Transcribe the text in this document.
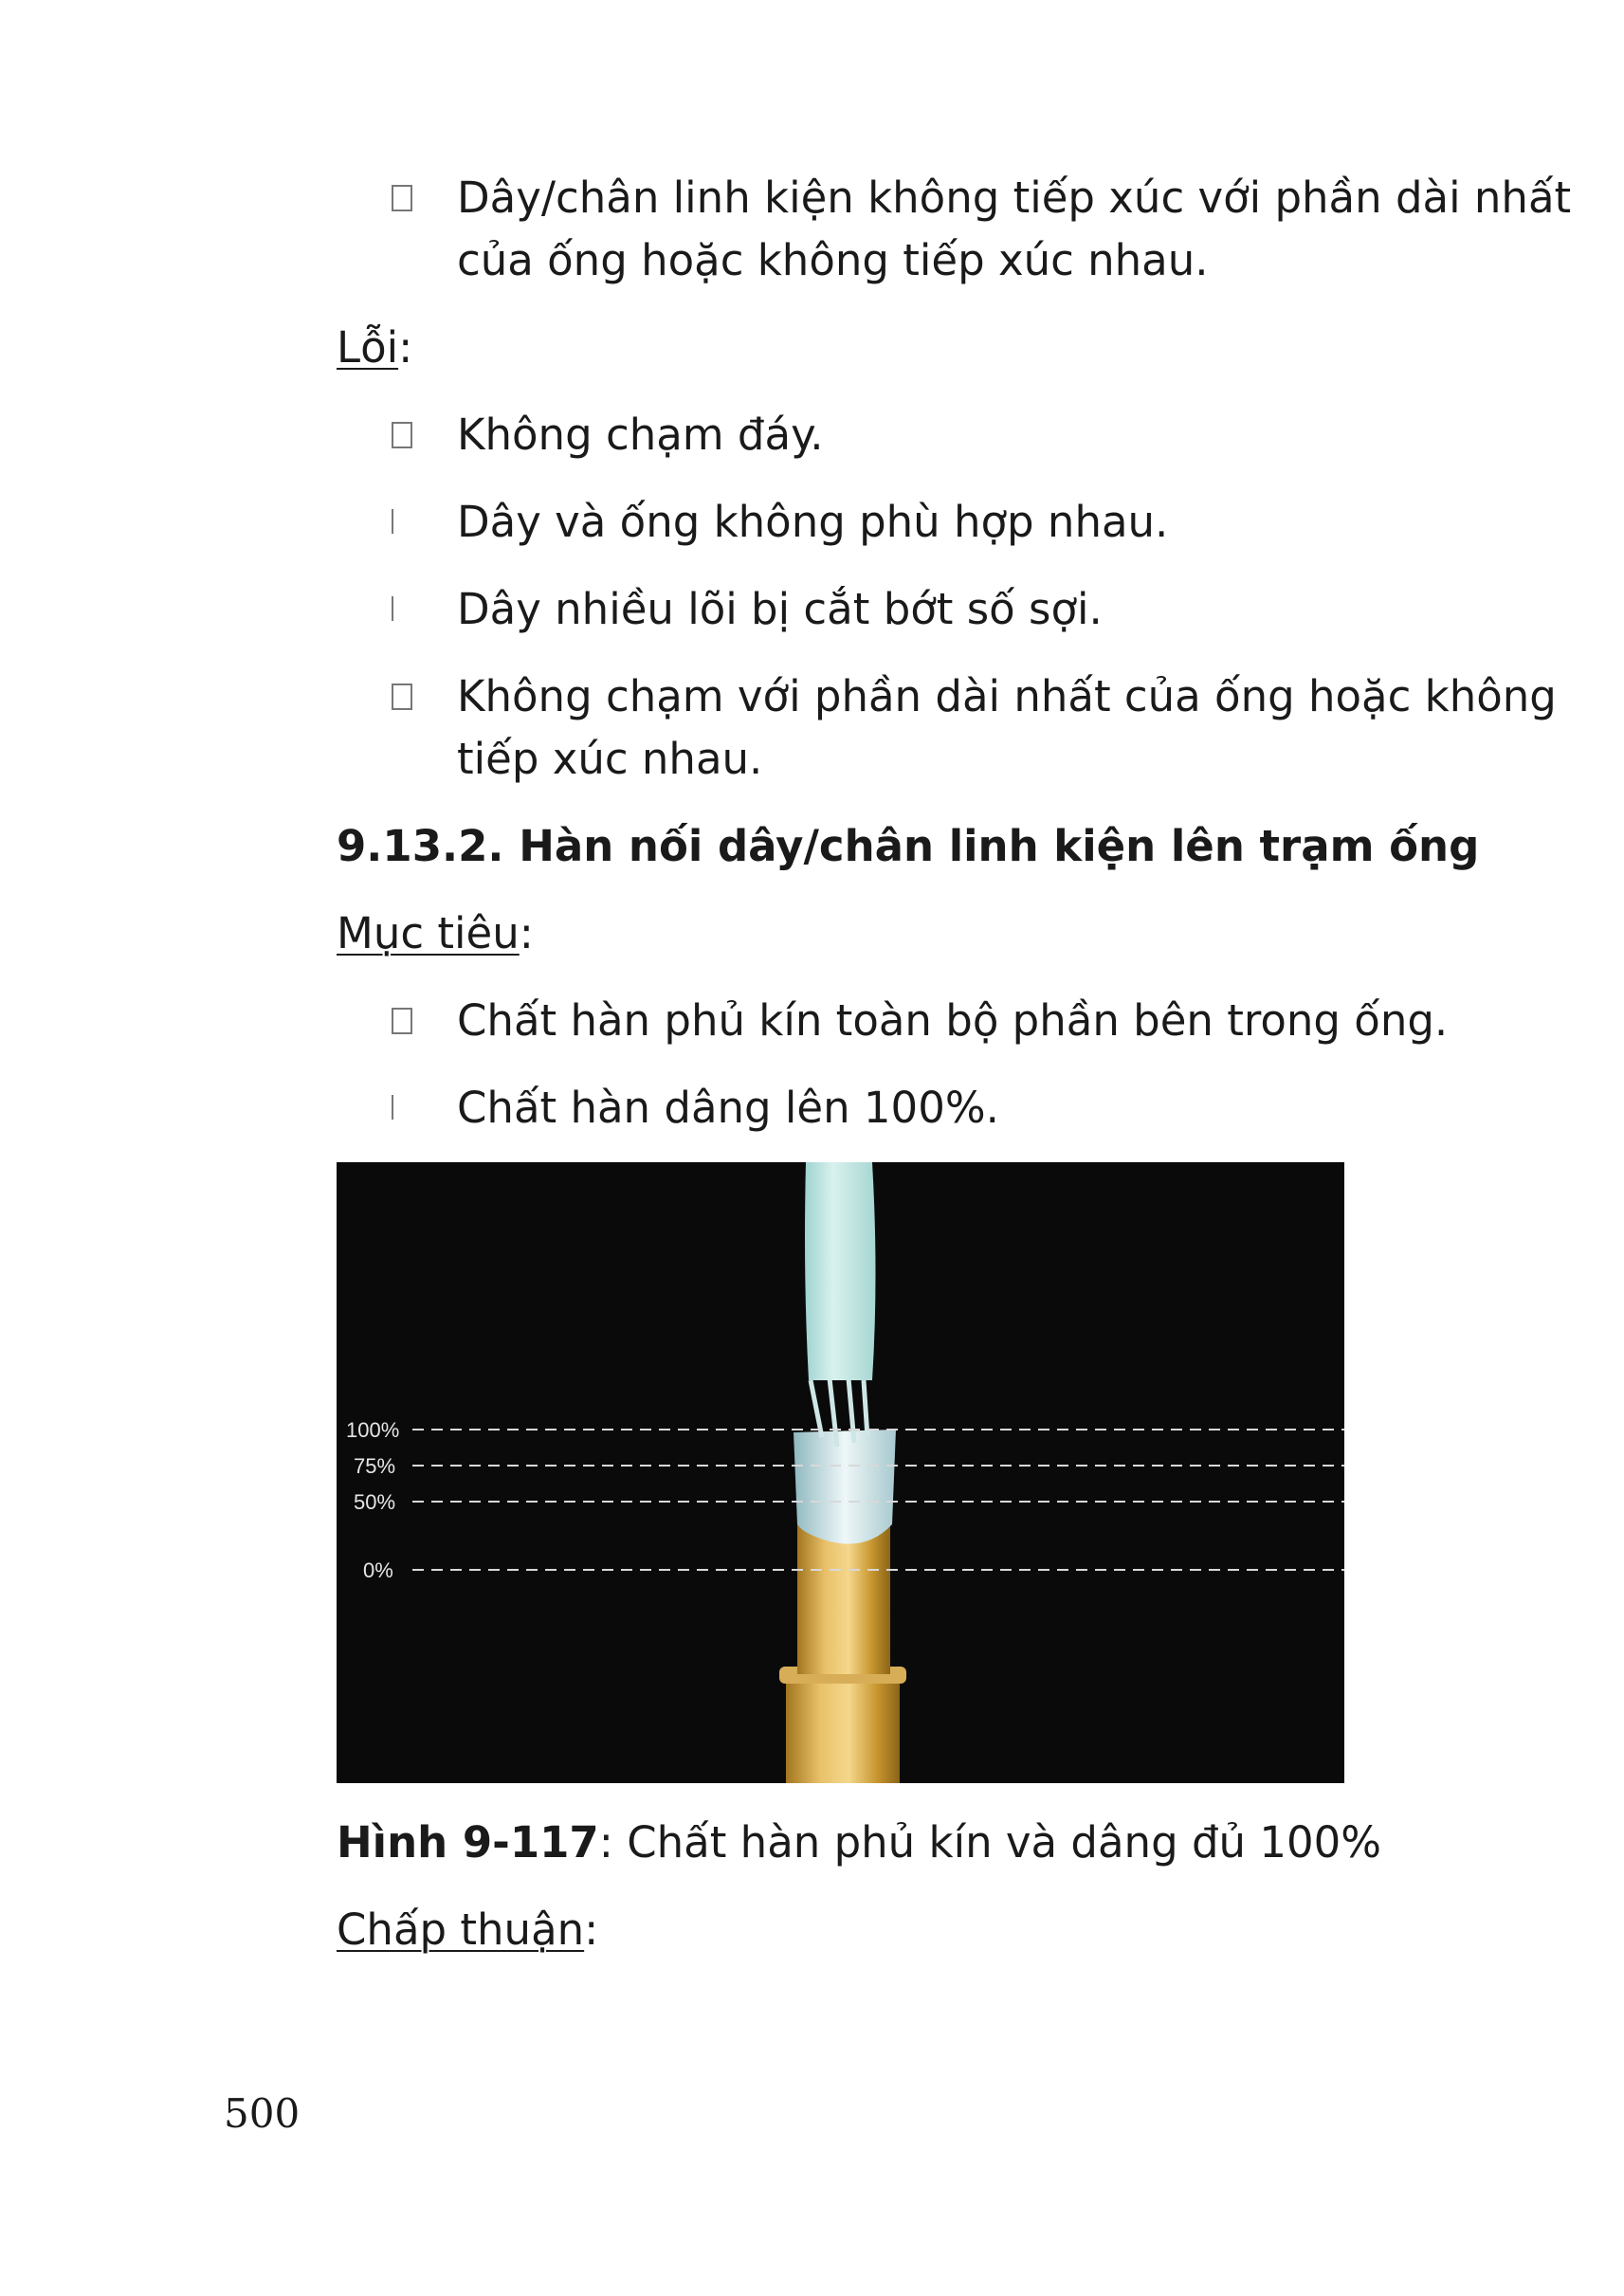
Dây/chân linh kiện không tiếp xúc với phần dài nhất
của ống hoặc không tiếp xúc nhau.
Lỗi:
Không chạm đáy.
Dây và ống không phù hợp nhau.
Dây nhiều lõi bị cắt bớt số sợi.
Không chạm với phần dài nhất của ống hoặc không
tiếp xúc nhau.
9.13.2. Hàn nối dây/chân linh kiện lên trạm ống
Mục tiêu:
Chất hàn phủ kín toàn bộ phần bên trong ống.
Chất hàn dâng lên 100%.
100%
75%
50%
0%
Hình 9-117: Chất hàn phủ kín và dâng đủ 100%
Chấp thuận:
500
